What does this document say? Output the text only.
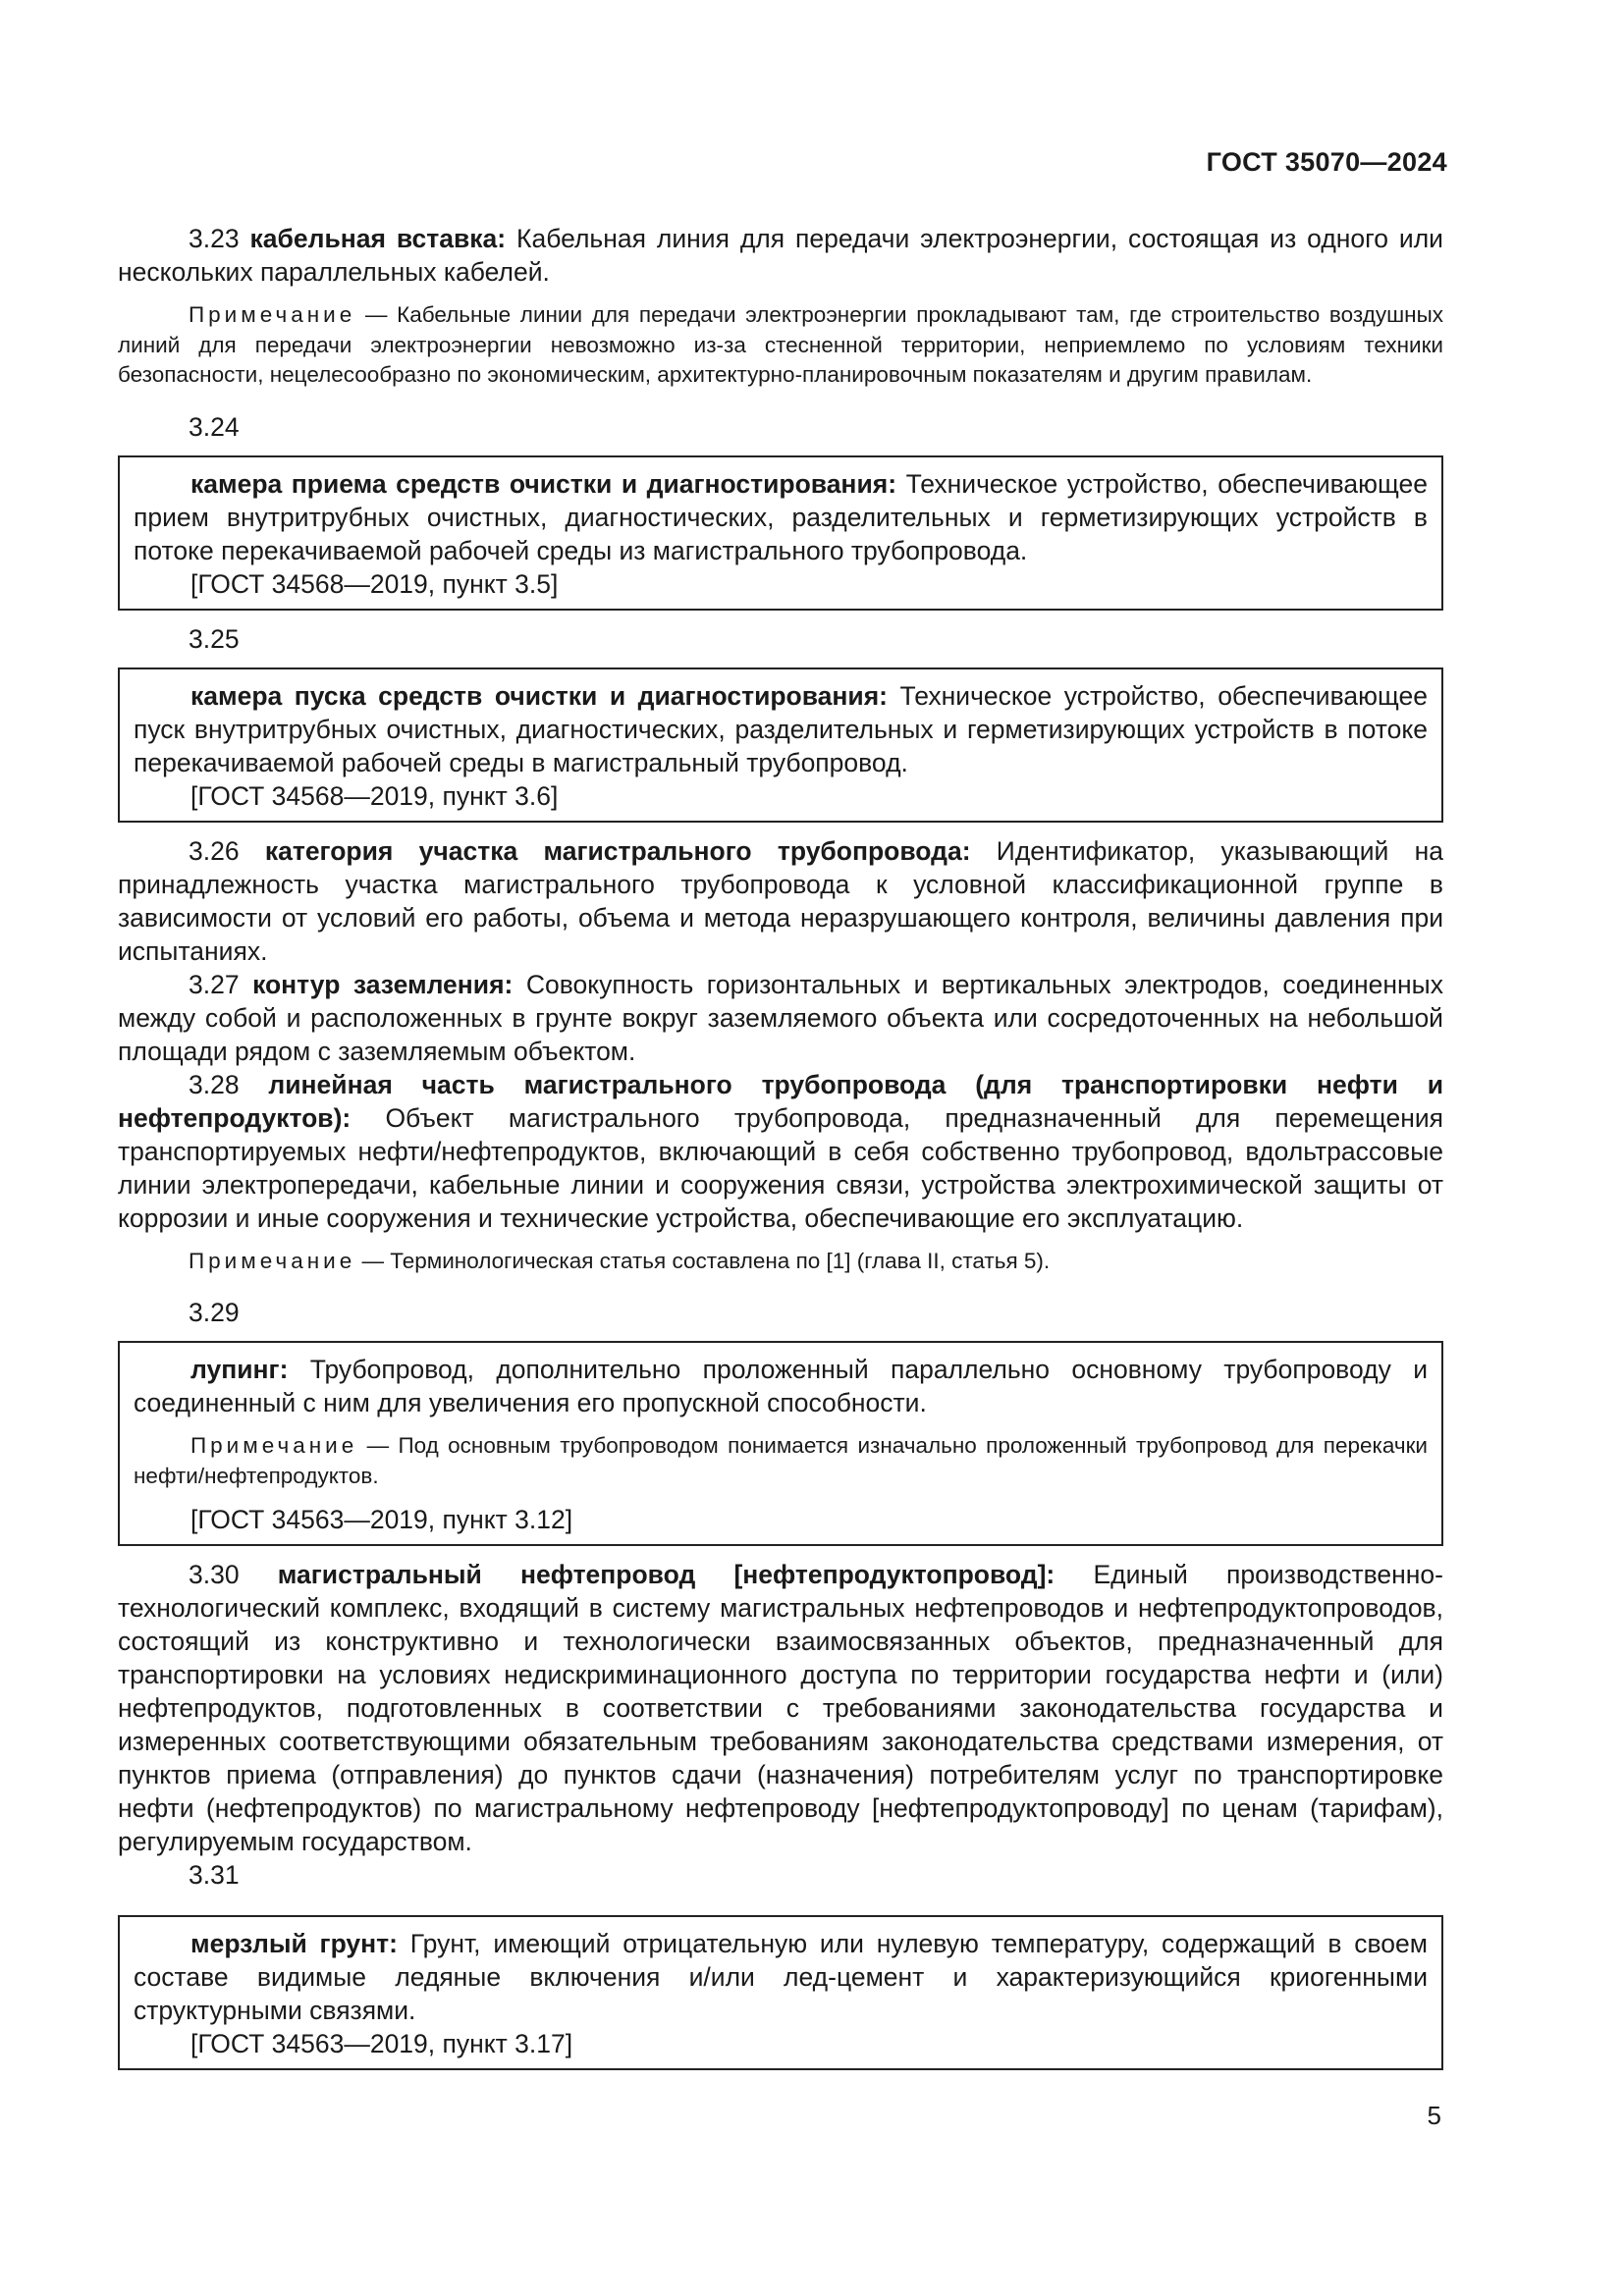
ГОСТ 35070—2024

3.23 кабельная вставка: Кабельная линия для передачи электроэнергии, состоящая из одного или нескольких параллельных кабелей.

Примечание — Кабельные линии для передачи электроэнергии прокладывают там, где строительство воздушных линий для передачи электроэнергии невозможно из-за стесненной территории, неприемлемо по условиям техники безопасности, нецелесообразно по экономическим, архитектурно-планировочным показателям и другим правилам.

3.24

камера приема средств очистки и диагностирования: Техническое устройство, обеспечивающее прием внутритрубных очистных, диагностических, разделительных и герметизирующих устройств в потоке перекачиваемой рабочей среды из магистрального трубопровода.

[ГОСТ 34568—2019, пункт 3.5]

3.25

камера пуска средств очистки и диагностирования: Техническое устройство, обеспечивающее пуск внутритрубных очистных, диагностических, разделительных и герметизирующих устройств в потоке перекачиваемой рабочей среды в магистральный трубопровод.

[ГОСТ 34568—2019, пункт 3.6]

3.26 категория участка магистрального трубопровода: Идентификатор, указывающий на принадлежность участка магистрального трубопровода к условной классификационной группе в зависимости от условий его работы, объема и метода неразрушающего контроля, величины давления при испытаниях.

3.27 контур заземления: Совокупность горизонтальных и вертикальных электродов, соединенных между собой и расположенных в грунте вокруг заземляемого объекта или сосредоточенных на небольшой площади рядом с заземляемым объектом.

3.28 линейная часть магистрального трубопровода (для транспортировки нефти и нефтепродуктов): Объект магистрального трубопровода, предназначенный для перемещения транспортируемых нефти/нефтепродуктов, включающий в себя собственно трубопровод, вдольтрассовые линии электропередачи, кабельные линии и сооружения связи, устройства электрохимической защиты от коррозии и иные сооружения и технические устройства, обеспечивающие его эксплуатацию.

Примечание — Терминологическая статья составлена по [1] (глава II, статья 5).

3.29

лупинг: Трубопровод, дополнительно проложенный параллельно основному трубопроводу и соединенный с ним для увеличения его пропускной способности.

Примечание — Под основным трубопроводом понимается изначально проложенный трубопровод для перекачки нефти/нефтепродуктов.

[ГОСТ 34563—2019, пункт 3.12]

3.30 магистральный нефтепровод [нефтепродуктопровод]: Единый производственно-технологический комплекс, входящий в систему магистральных нефтепроводов и нефтепродуктопроводов, состоящий из конструктивно и технологически взаимосвязанных объектов, предназначенный для транспортировки на условиях недискриминационного доступа по территории государства нефти и (или) нефтепродуктов, подготовленных в соответствии с требованиями законодательства государства и измеренных соответствующими обязательным требованиям законодательства средствами измерения, от пунктов приема (отправления) до пунктов сдачи (назначения) потребителям услуг по транспортировке нефти (нефтепродуктов) по магистральному нефтепроводу [нефтепродуктопроводу] по ценам (тарифам), регулируемым государством.

3.31

мерзлый грунт: Грунт, имеющий отрицательную или нулевую температуру, содержащий в своем составе видимые ледяные включения и/или лед-цемент и характеризующийся криогенными структурными связями.

[ГОСТ 34563—2019, пункт 3.17]

5
